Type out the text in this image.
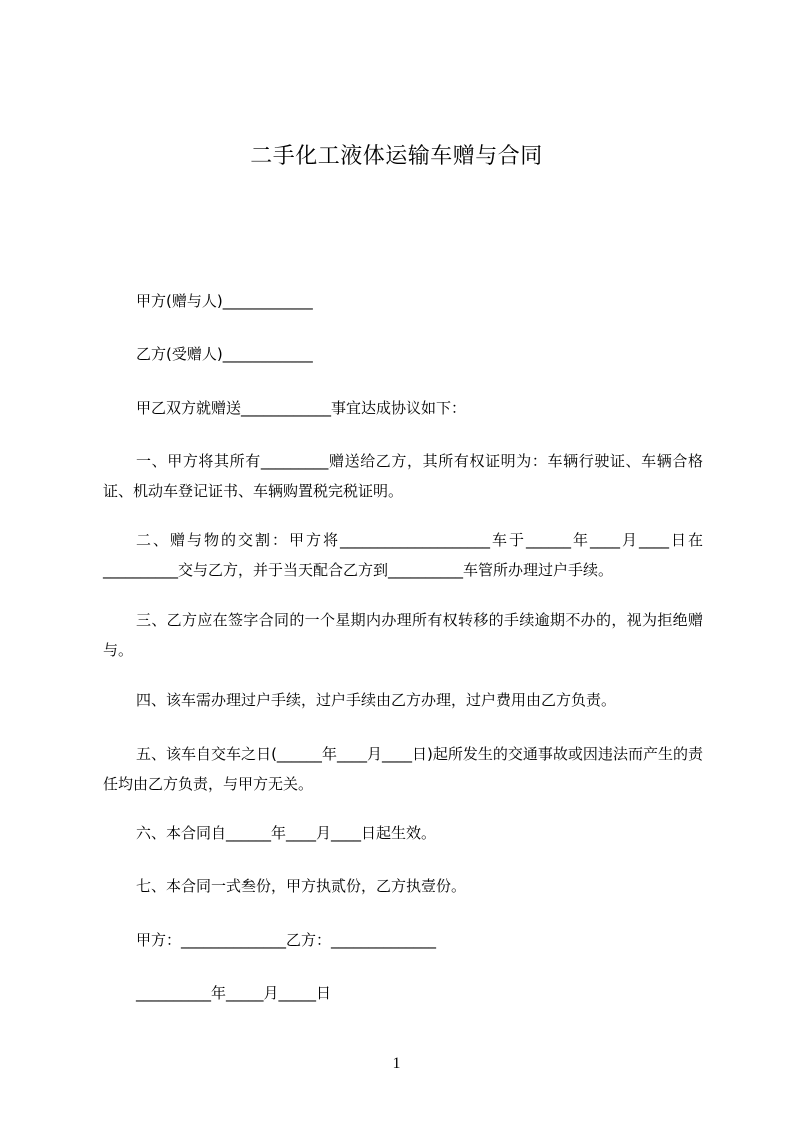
二手化工液体运输车赠与合同
甲方(赠与人)____________
乙方(受赠人)____________
甲乙双方就赠送____________事宜达成协议如下：
一、甲方将其所有_________赠送给乙方，其所有权证明为：车辆行驶证、车辆合格证、机动车登记证书、车辆购置税完税证明。
二、赠与物的交割：甲方将____________________车于______年____月____日在__________交与乙方，并于当天配合乙方到__________车管所办理过户手续。
三、乙方应在签字合同的一个星期内办理所有权转移的手续逾期不办的，视为拒绝赠与。
四、该车需办理过户手续，过户手续由乙方办理，过户费用由乙方负责。
五、该车自交车之日(______年____月____日)起所发生的交通事故或因违法而产生的责任均由乙方负责，与甲方无关。
六、本合同自______年____月____日起生效。
七、本合同一式叁份，甲方执贰份，乙方执壹份。
甲方：______________乙方：______________
__________年_____月_____日
1
